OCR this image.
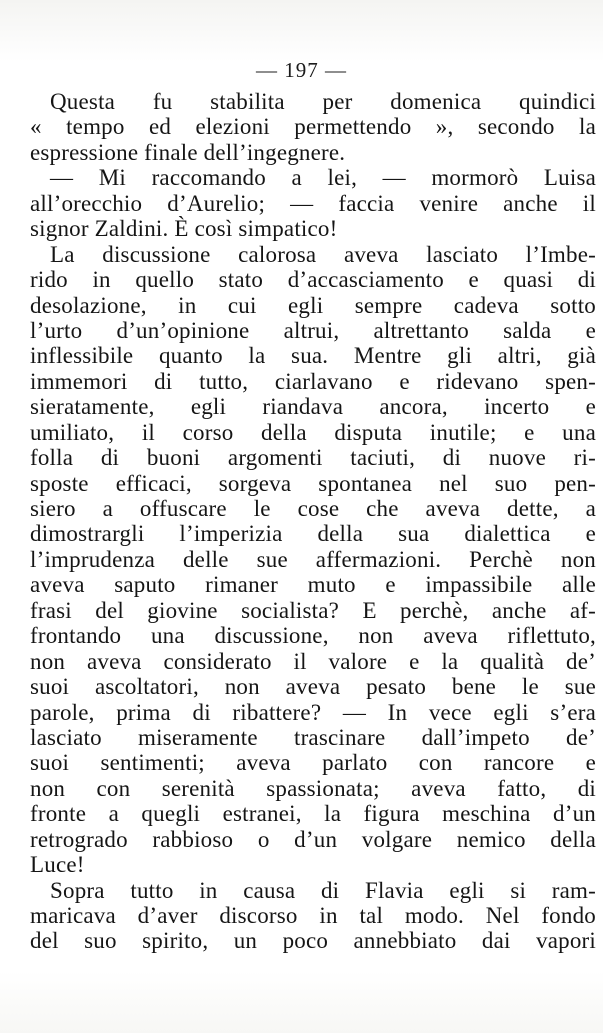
— 197 —
Questa fu stabilita per domenica quindici
« tempo ed elezioni permettendo », secondo la
espressione finale dell’ingegnere.
— Mi raccomando a lei, — mormorò Luisa
all’orecchio d’Aurelio; — faccia venire anche il
signor Zaldini. È così simpatico!
La discussione calorosa aveva lasciato l’Imbe-
rido in quello stato d’accasciamento e quasi di
desolazione, in cui egli sempre cadeva sotto
l’urto d’un’opinione altrui, altrettanto salda e
inflessibile quanto la sua. Mentre gli altri, già
immemori di tutto, ciarlavano e ridevano spen-
sieratamente, egli riandava ancora, incerto e
umiliato, il corso della disputa inutile; e una
folla di buoni argomenti taciuti, di nuove ri-
sposte efficaci, sorgeva spontanea nel suo pen-
siero a offuscare le cose che aveva dette, a
dimostrargli l’imperizia della sua dialettica e
l’imprudenza delle sue affermazioni. Perchè non
aveva saputo rimaner muto e impassibile alle
frasi del giovine socialista? E perchè, anche af-
frontando una discussione, non aveva riflettuto,
non aveva considerato il valore e la qualità de’
suoi ascoltatori, non aveva pesato bene le sue
parole, prima di ribattere? — In vece egli s’era
lasciato miseramente trascinare dall’impeto de’
suoi sentimenti; aveva parlato con rancore e
non con serenità spassionata; aveva fatto, di
fronte a quegli estranei, la figura meschina d’un
retrogrado rabbioso o d’un volgare nemico della
Luce!
Sopra tutto in causa di Flavia egli si ram-
maricava d’aver discorso in tal modo. Nel fondo
del suo spirito, un poco annebbiato dai vapori
